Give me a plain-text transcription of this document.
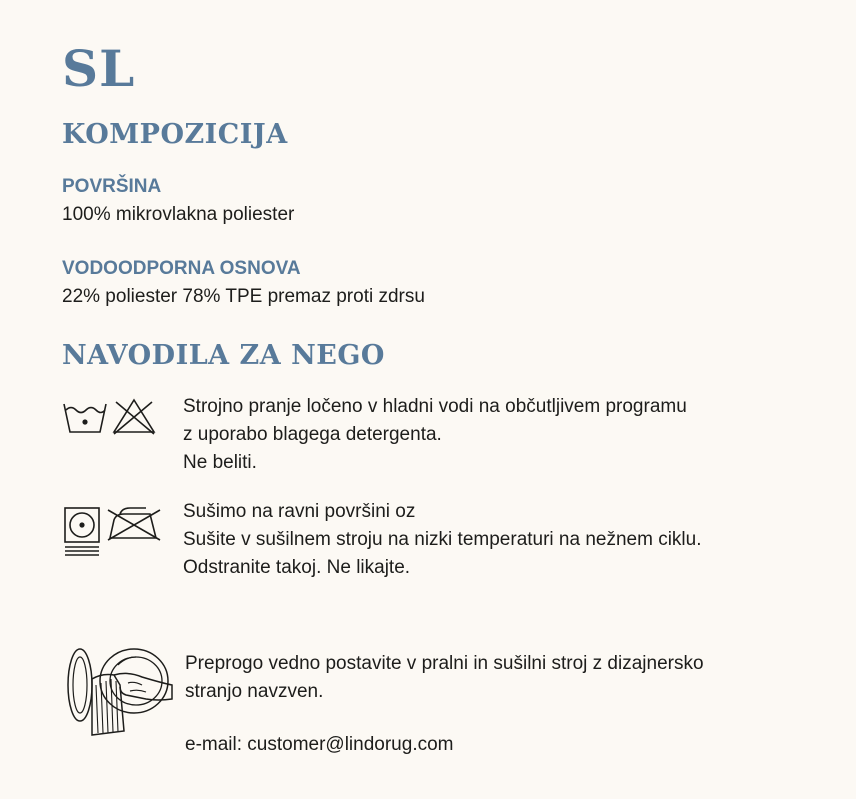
SL
KOMPOZICIJA
POVRŠINA
100% mikrovlakna poliester
VODOODPORNA OSNOVA
22% poliester 78% TPE premaz proti zdrsu
NAVODILA ZA NEGO
Strojno pranje ločeno v hladni vodi na občutljivem programu
z uporabo blagega detergenta.
Ne beliti.
Sušimo na ravni površini oz
Sušite v sušilnem stroju na nizki temperaturi na nežnem ciklu.
Odstranite takoj. Ne likajte.
Preprogo vedno postavite v pralni in sušilni stroj z dizajnersko
stranjo navzven.
e-mail: customer@lindorug.com
